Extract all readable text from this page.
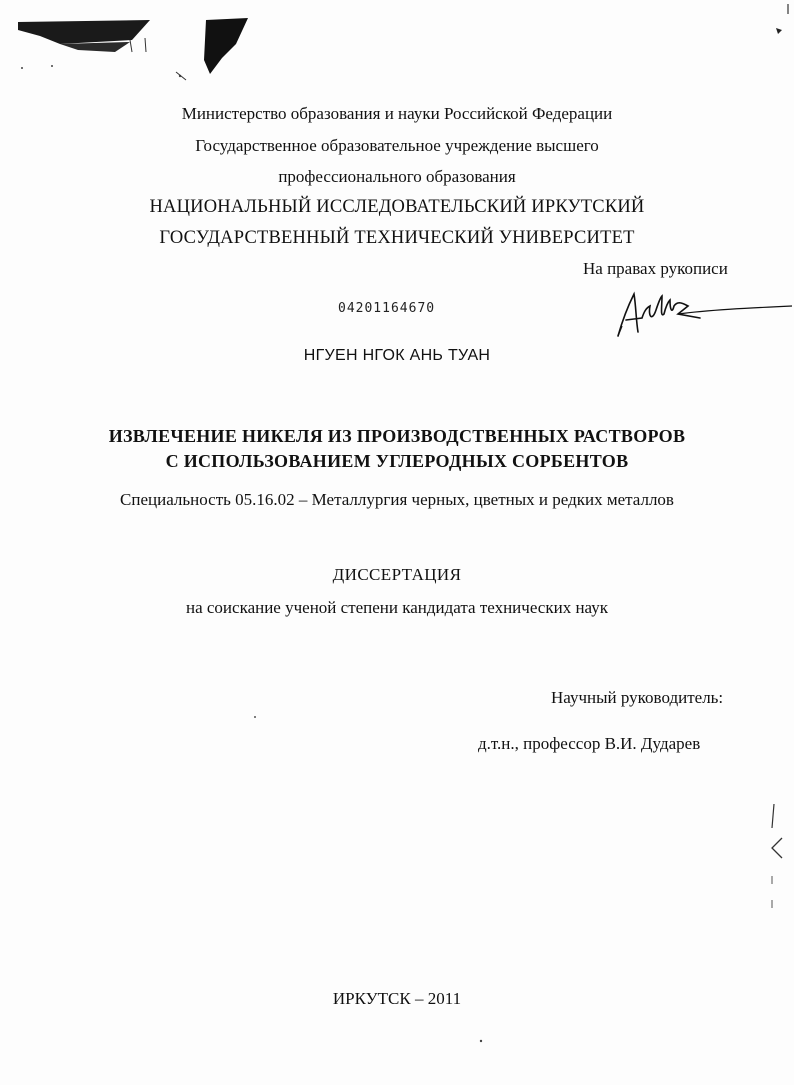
Министерство образования и науки Российской Федерации
Государственное образовательное учреждение высшего
профессионального образования
НАЦИОНАЛЬНЫЙ ИССЛЕДОВАТЕЛЬСКИЙ ИРКУТСКИЙ
ГОСУДАРСТВЕННЫЙ ТЕХНИЧЕСКИЙ УНИВЕРСИТЕТ
На правах рукописи
04201164670
НГУЕН НГОК АНЬ ТУАН
ИЗВЛЕЧЕНИЕ НИКЕЛЯ ИЗ ПРОИЗВОДСТВЕННЫХ РАСТВОРОВ
С ИСПОЛЬЗОВАНИЕМ УГЛЕРОДНЫХ СОРБЕНТОВ
Специальность 05.16.02 – Металлургия черных, цветных и редких металлов
ДИССЕРТАЦИЯ
на соискание ученой степени кандидата технических наук
Научный руководитель:
д.т.н., профессор В.И. Дударев
ИРКУТСК – 2011
